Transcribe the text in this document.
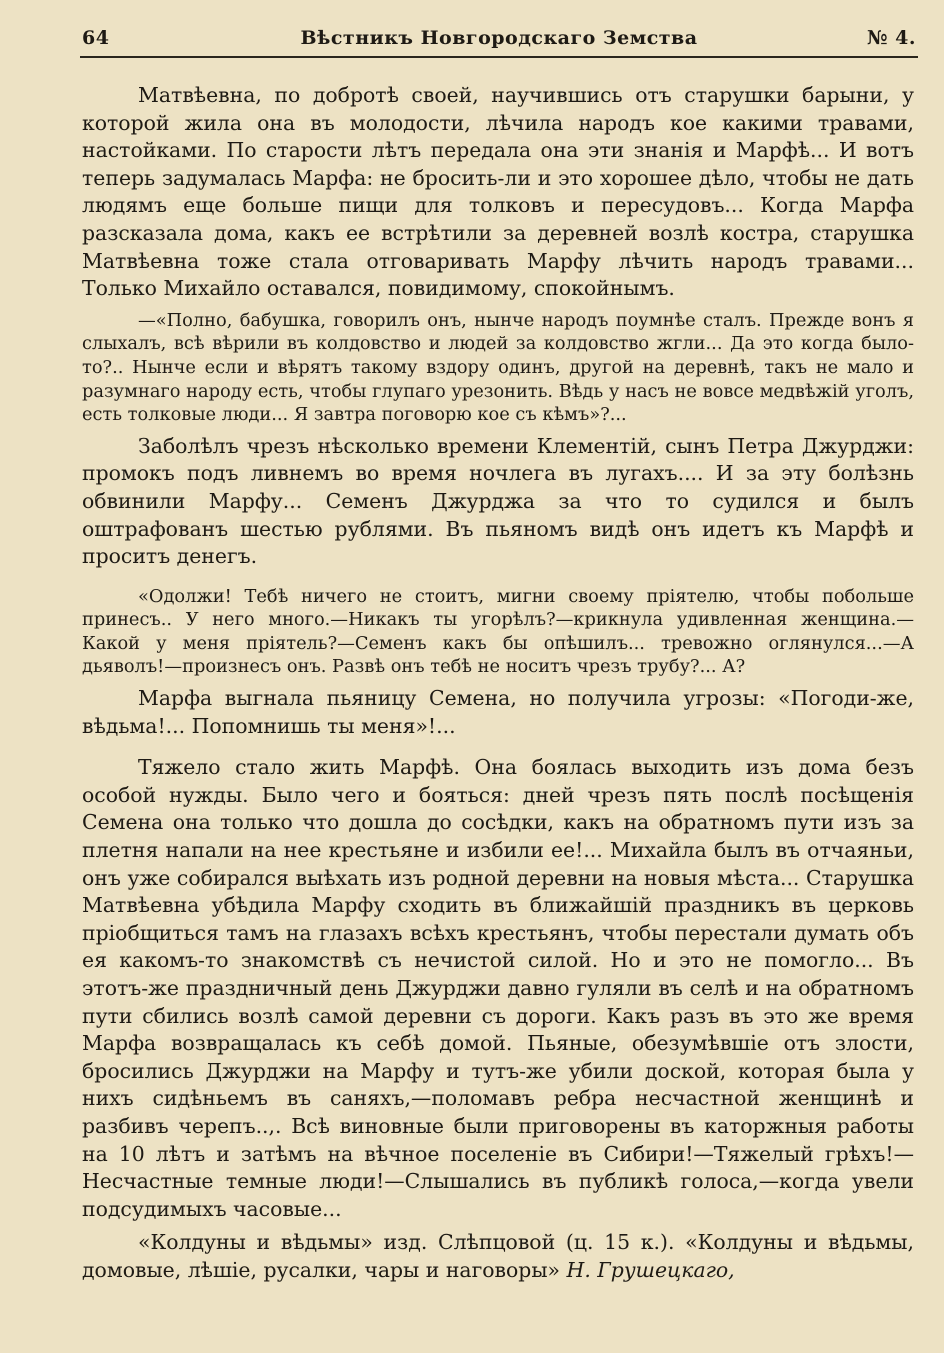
64	Вѣстникъ Новгородскаго Земства	№ 4.

Матвѣевна, по добротѣ своей, научившись отъ старушки барыни, у которой жила она въ молодости, лѣчила народъ кое какими травами, настойками. По старости лѣтъ передала она эти знанія и Марфѣ... И вотъ теперь задумалась Марфа: не бросить-ли и это хорошее дѣло, чтобы не дать людямъ еще больше пищи для толковъ и пересудовъ... Когда Марфа разсказала дома, какъ ее встрѣтили за деревней возлѣ костра, старушка Матвѣевна тоже стала отговаривать Марфу лѣчить народъ травами... Только Михайло оставался, повидимому, спокойнымъ.

—«Полно, бабушка, говорилъ онъ, нынче народъ поумнѣе сталъ. Прежде вонъ я слыхалъ, всѣ вѣрили въ колдовство и людей за колдовство жгли... Да это когда было-то?.. Нынче если и вѣрятъ такому вздору одинъ, другой на деревнѣ, такъ не мало и разумнаго народу есть, чтобы глупаго урезонить. Вѣдь у насъ не вовсе медвѣжій уголъ, есть толковые люди... Я завтра поговорю кое съ кѣмъ»?...

Заболѣлъ чрезъ нѣсколько времени Клементій, сынъ Петра Джурджи: промокъ подъ ливнемъ во время ночлега въ лугахъ.... И за эту болѣзнь обвинили Марфу... Семенъ Джурджа за что то судился и былъ оштрафованъ шестью рублями. Въ пьяномъ видѣ онъ идетъ къ Марфѣ и проситъ денегъ.

«Одолжи! Тебѣ ничего не стоитъ, мигни своему пріятелю, чтобы побольше принесъ.. У него много.—Никакъ ты угорѣлъ?—крикнула удивленная женщина.—Какой у меня пріятель?—Семенъ какъ бы опѣшилъ... тревожно оглянулся...—А дьяволъ!—произнесъ онъ. Развѣ онъ тебѣ не носитъ чрезъ трубу?... А?

Марфа выгнала пьяницу Семена, но получила угрозы: «Погоди-же, вѣдьма!... Попомнишь ты меня»!...

Тяжело стало жить Марфѣ. Она боялась выходить изъ дома безъ особой нужды. Было чего и бояться: дней чрезъ пять послѣ посѣщенія Семена она только что дошла до сосѣдки, какъ на обратномъ пути изъ за плетня напали на нее крестьяне и избили ее!... Михайла былъ въ отчаяньи, онъ уже собирался выѣхать изъ родной деревни на новыя мѣста... Старушка Матвѣевна убѣдила Марфу сходить въ ближайшій праздникъ въ церковь пріобщиться тамъ на глазахъ всѣхъ крестьянъ, чтобы перестали думать объ ея какомъ-то знакомствѣ съ нечистой силой. Но и это не помогло... Въ этотъ-же праздничный день Джурджи давно гуляли въ селѣ и на обратномъ пути сбились возлѣ самой деревни съ дороги. Какъ разъ въ это же время Марфа возвращалась къ себѣ домой. Пьяные, обезумѣвшіе отъ злости, бросились Джурджи на Марфу и тутъ-же убили доской, которая была у нихъ сидѣньемъ въ саняхъ,—поломавъ ребра несчастной женщинѣ и разбивъ черепъ..,. Всѣ виновные были приговорены въ каторжныя работы на 10 лѣтъ и затѣмъ на вѣчное поселеніе въ Сибири!—Тяжелый грѣхъ!—Несчастные темные люди!—Слышались въ публикѣ голоса,—когда увели подсудимыхъ часовые...

«Колдуны и вѣдьмы» изд. Слѣпцовой (ц. 15 к.). «Колдуны и вѣдьмы, домовые, лѣшіе, русалки, чары и наговоры» Н. Грушецкаго,
